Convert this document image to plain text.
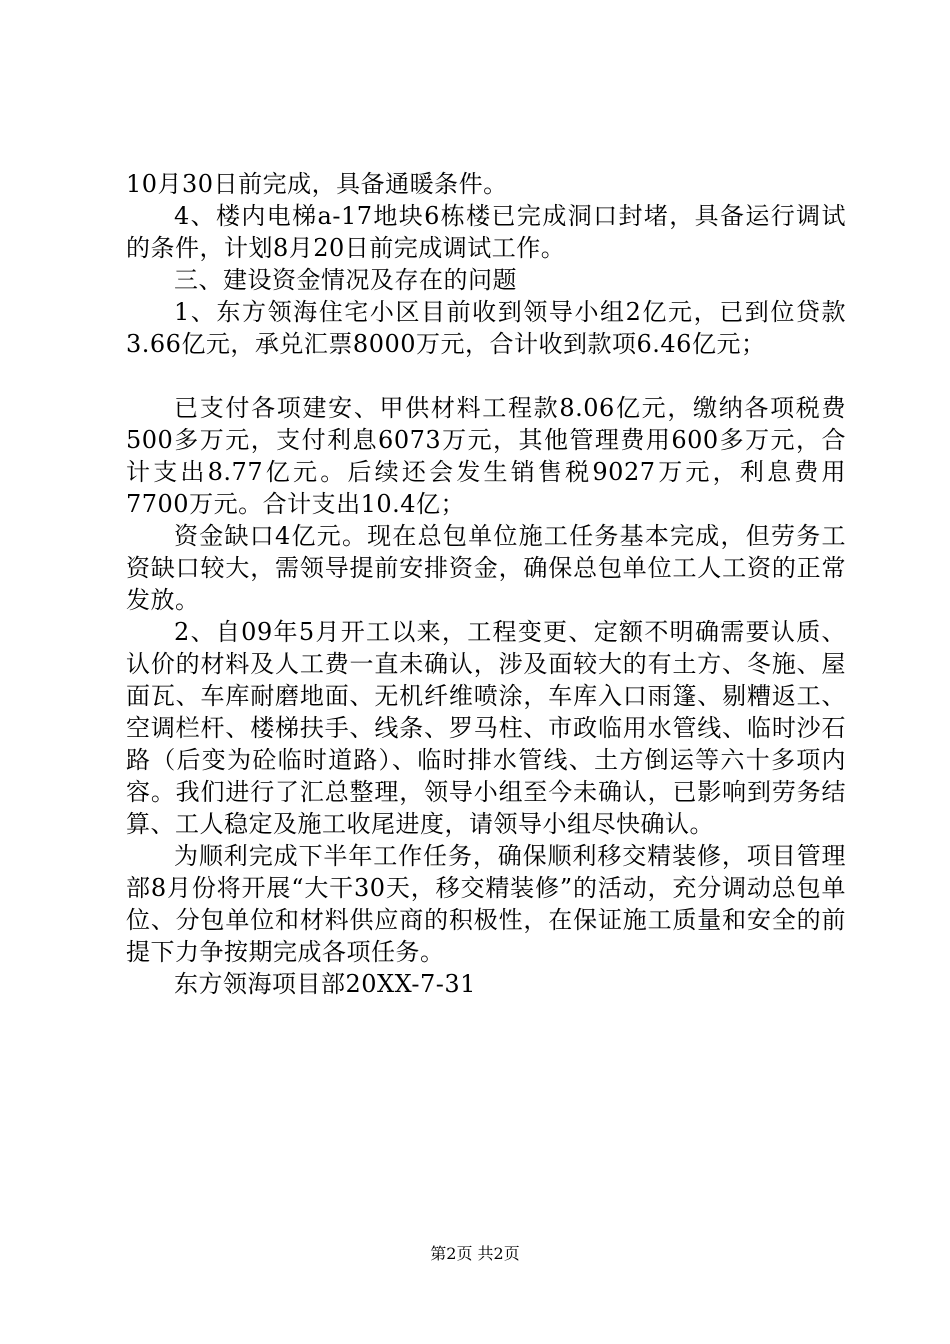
10月30日前完成，具备通暖条件。

4、楼内电梯a-17地块6栋楼已完成洞口封堵，具备运行调试的条件，计划8月20日前完成调试工作。

三、建设资金情况及存在的问题

1、东方领海住宅小区目前收到领导小组2亿元，已到位贷款3.66亿元，承兑汇票8000万元，合计收到款项6.46亿元；

已支付各项建安、甲供材料工程款8.06亿元，缴纳各项税费500多万元，支付利息6073万元，其他管理费用600多万元，合计支出8.77亿元。后续还会发生销售税9027万元，利息费用7700万元。合计支出10.4亿；

资金缺口4亿元。现在总包单位施工任务基本完成，但劳务工资缺口较大，需领导提前安排资金，确保总包单位工人工资的正常发放。

2、自09年5月开工以来，工程变更、定额不明确需要认质、认价的材料及人工费一直未确认，涉及面较大的有土方、冬施、屋面瓦、车库耐磨地面、无机纤维喷涂，车库入口雨篷、剔糟返工、空调栏杆、楼梯扶手、线条、罗马柱、市政临用水管线、临时沙石路（后变为砼临时道路）、临时排水管线、土方倒运等六十多项内容。我们进行了汇总整理，领导小组至今未确认，已影响到劳务结算、工人稳定及施工收尾进度，请领导小组尽快确认。

为顺利完成下半年工作任务，确保顺利移交精装修，项目管理部8月份将开展“大干30天，移交精装修”的活动，充分调动总包单位、分包单位和材料供应商的积极性，在保证施工质量和安全的前提下力争按期完成各项任务。

东方领海项目部20XX-7-31

第2页 共2页
